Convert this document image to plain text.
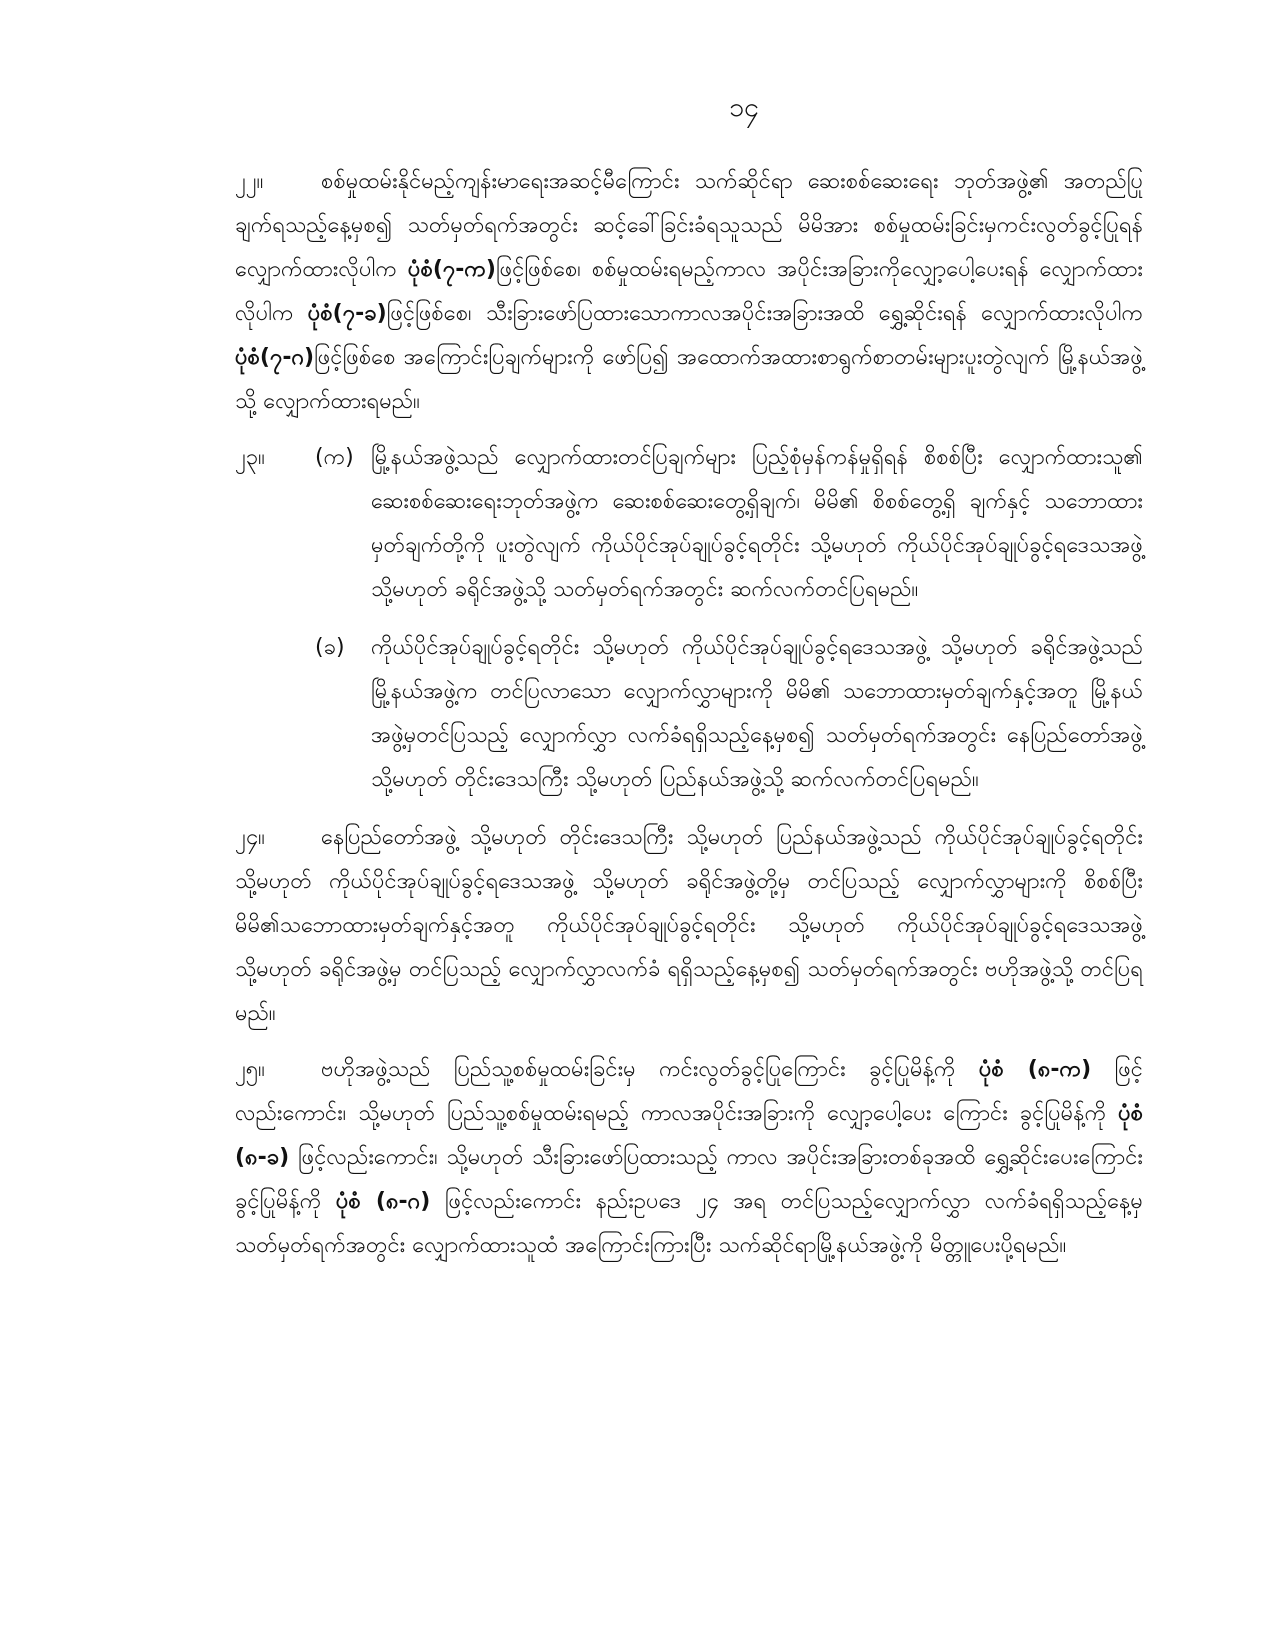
၁၄
၂၂။	စစ်မှုထမ်းနိုင်မည့်ကျန်းမာရေးအဆင့်မီကြောင်း သက်ဆိုင်ရာ ဆေးစစ်ဆေးရေး ဘုတ်အဖွဲ့၏ အတည်ပြုချက်ရသည့်နေ့မှစ၍ သတ်မှတ်ရက်အတွင်း ဆင့်ခေါ်ခြင်းခံရသူသည် မိမိအား စစ်မှုထမ်းခြင်းမှကင်းလွတ်ခွင့်ပြုရန် လျှောက်ထားလိုပါက ပုံစံ(၇-က)ဖြင့်ဖြစ်စေ၊ စစ်မှုထမ်းရမည့်ကာလ အပိုင်းအခြားကိုလျှော့ပေါ့ပေးရန် လျှောက်ထားလိုပါက ပုံစံ(၇-ခ)ဖြင့်ဖြစ်စေ၊ သီးခြားဖော်ပြထားသောကာလအပိုင်းအခြားအထိ ရွှေ့ဆိုင်းရန် လျှောက်ထားလိုပါက ပုံစံ(၇-ဂ)ဖြင့်ဖြစ်စေ အကြောင်းပြချက်များကို ဖော်ပြ၍ အထောက်အထားစာရွက်စာတမ်းများပူးတွဲလျက် မြို့နယ်အဖွဲ့သို့ လျှောက်ထားရမည်။
၂၃။	(က) မြို့နယ်အဖွဲ့သည် လျှောက်ထားတင်ပြချက်များ ပြည့်စုံမှန်ကန်မှုရှိရန် စိစစ်ပြီး လျှောက်ထားသူ၏ ဆေးစစ်ဆေးရေးဘုတ်အဖွဲ့က ဆေးစစ်ဆေးတွေ့ရှိချက်၊ မိမိ၏ စိစစ်တွေ့ရှိ ချက်နှင့် သဘောထားမှတ်ချက်တို့ကို ပူးတွဲလျက် ကိုယ်ပိုင်အုပ်ချုပ်ခွင့်ရတိုင်း သို့မဟုတ် ကိုယ်ပိုင်အုပ်ချုပ်ခွင့်ရဒေသအဖွဲ့ သို့မဟုတ် ခရိုင်အဖွဲ့သို့ သတ်မှတ်ရက်အတွင်း ဆက်လက်တင်ပြရမည်။
(ခ)	ကိုယ်ပိုင်အုပ်ချုပ်ခွင့်ရတိုင်း သို့မဟုတ် ကိုယ်ပိုင်အုပ်ချုပ်ခွင့်ရဒေသအဖွဲ့ သို့မဟုတ် ခရိုင်အဖွဲ့သည် မြို့နယ်အဖွဲ့က တင်ပြလာသော လျှောက်လွှာများကို မိမိ၏ သဘောထားမှတ်ချက်နှင့်အတူ မြို့နယ်အဖွဲ့မှတင်ပြသည့် လျှောက်လွှာ လက်ခံရရှိသည့်နေ့မှစ၍ သတ်မှတ်ရက်အတွင်း နေပြည်တော်အဖွဲ့ သို့မဟုတ် တိုင်းဒေသကြီး သို့မဟုတ် ပြည်နယ်အဖွဲ့သို့ ဆက်လက်တင်ပြရမည်။
၂၄။	နေပြည်တော်အဖွဲ့ သို့မဟုတ် တိုင်းဒေသကြီး သို့မဟုတ် ပြည်နယ်အဖွဲ့သည် ကိုယ်ပိုင်အုပ်ချုပ်ခွင့်ရတိုင်း သို့မဟုတ် ကိုယ်ပိုင်အုပ်ချုပ်ခွင့်ရဒေသအဖွဲ့ သို့မဟုတ် ခရိုင်အဖွဲ့တို့မှ တင်ပြသည့် လျှောက်လွှာများကို စိစစ်ပြီး မိမိ၏သဘောထားမှတ်ချက်နှင့်အတူ ကိုယ်ပိုင်အုပ်ချုပ်ခွင့်ရတိုင်း သို့မဟုတ် ကိုယ်ပိုင်အုပ်ချုပ်ခွင့်ရဒေသအဖွဲ့ သို့မဟုတ် ခရိုင်အဖွဲ့မှ တင်ပြသည့် လျှောက်လွှာလက်ခံ ရရှိသည့်နေ့မှစ၍ သတ်မှတ်ရက်အတွင်း ဗဟိုအဖွဲ့သို့ တင်ပြရမည်။
၂၅။	ဗဟိုအဖွဲ့သည် ပြည်သူ့စစ်မှုထမ်းခြင်းမှ ကင်းလွတ်ခွင့်ပြုကြောင်း ခွင့်ပြုမိန့်ကို ပုံစံ (၈-က) ဖြင့်လည်းကောင်း၊ သို့မဟုတ် ပြည်သူ့စစ်မှုထမ်းရမည့် ကာလအပိုင်းအခြားကို လျှော့ပေါ့ပေး ကြောင်း ခွင့်ပြုမိန့်ကို ပုံစံ (၈-ခ) ဖြင့်လည်းကောင်း၊ သို့မဟုတ် သီးခြားဖော်ပြထားသည့် ကာလ အပိုင်းအခြားတစ်ခုအထိ ရွှေ့ဆိုင်းပေးကြောင်းခွင့်ပြုမိန့်ကို ပုံစံ (၈-ဂ) ဖြင့်လည်းကောင်း နည်းဥပဒေ ၂၄ အရ တင်ပြသည့်လျှောက်လွှာ လက်ခံရရှိသည့်နေ့မှ သတ်မှတ်ရက်အတွင်း လျှောက်ထားသူထံ အကြောင်းကြားပြီး သက်ဆိုင်ရာမြို့နယ်အဖွဲ့ကို မိတ္တူပေးပို့ရမည်။
